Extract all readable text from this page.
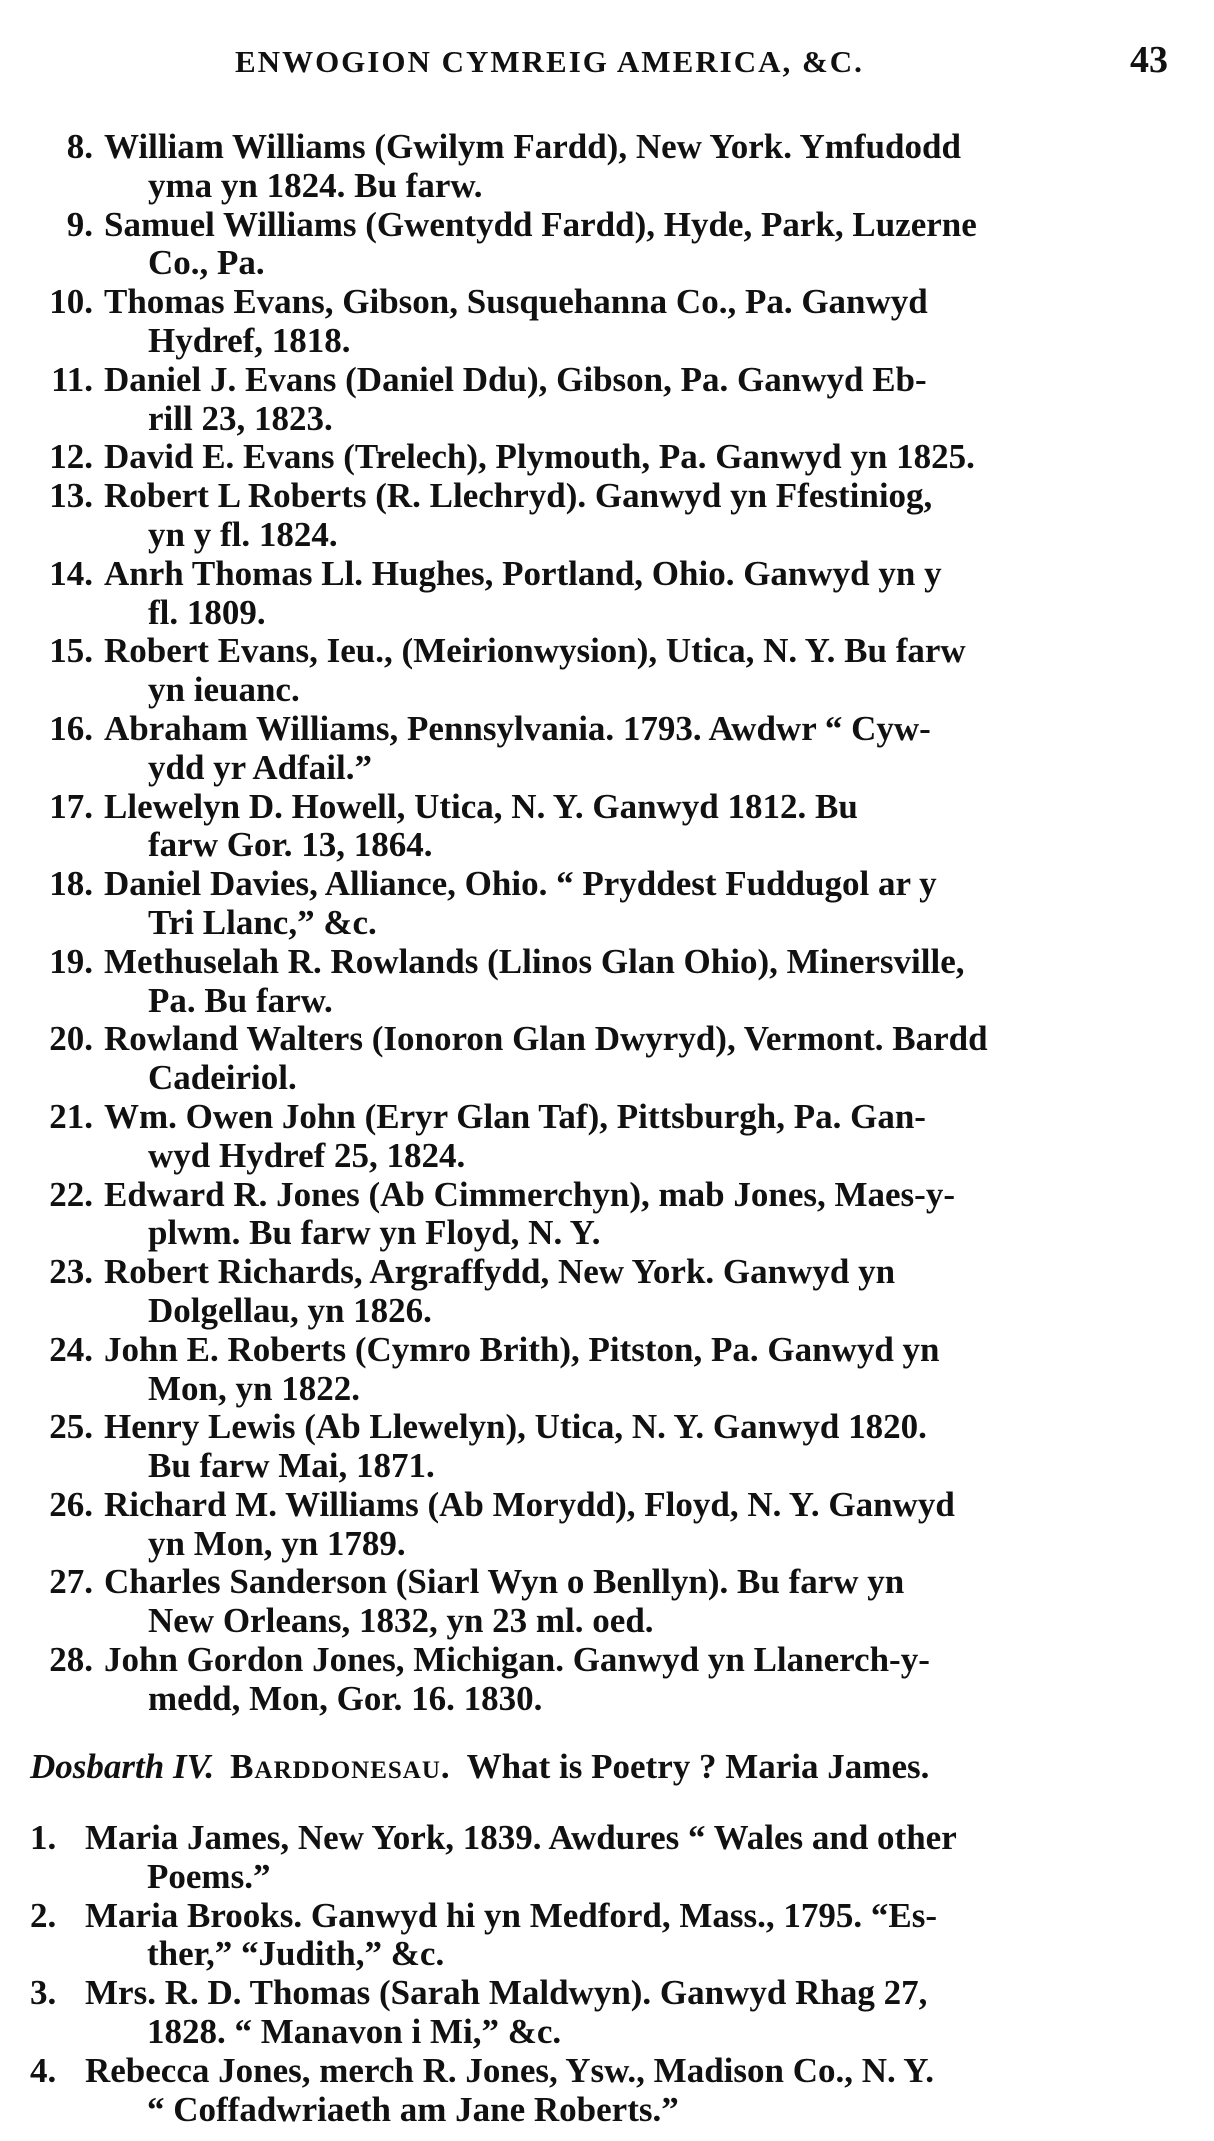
ENWOGION CYMREIG AMERICA, &C.	43
8. William Williams (Gwilym Fardd), New York. Ymfudodd
yma yn 1824. Bu farw.
9. Samuel Williams (Gwentydd Fardd), Hyde, Park, Luzerne
Co., Pa.
10. Thomas Evans, Gibson, Susquehanna Co., Pa. Ganwyd
Hydref, 1818.
11. Daniel J. Evans (Daniel Ddu), Gibson, Pa. Ganwyd Eb-
rill 23, 1823.
12. David E. Evans (Trelech), Plymouth, Pa. Ganwyd yn 1825.
13. Robert L Roberts (R. Llechryd). Ganwyd yn Ffestiniog,
yn y fl. 1824.
14. Anrh Thomas Ll. Hughes, Portland, Ohio. Ganwyd yn y
fl. 1809.
15. Robert Evans, Ieu., (Meirionwysion), Utica, N. Y. Bu farw
yn ieuanc.
16. Abraham Williams, Pennsylvania. 1793. Awdwr “ Cyw-
ydd yr Adfail.”
17. Llewelyn D. Howell, Utica, N. Y. Ganwyd 1812. Bu
farw Gor. 13, 1864.
18. Daniel Davies, Alliance, Ohio. “ Pryddest Fuddugol ar y
Tri Llanc,” &c.
19. Methuselah R. Rowlands (Llinos Glan Ohio), Minersville,
Pa. Bu farw.
20. Rowland Walters (Ionoron Glan Dwyryd), Vermont. Bardd
Cadeiriol.
21. Wm. Owen John (Eryr Glan Taf), Pittsburgh, Pa. Gan-
wyd Hydref 25, 1824.
22. Edward R. Jones (Ab Cimmerchyn), mab Jones, Maes-y-
plwm. Bu farw yn Floyd, N. Y.
23. Robert Richards, Argraffydd, New York. Ganwyd yn
Dolgellau, yn 1826.
24. John E. Roberts (Cymro Brith), Pitston, Pa. Ganwyd yn
Mon, yn 1822.
25. Henry Lewis (Ab Llewelyn), Utica, N. Y. Ganwyd 1820.
Bu farw Mai, 1871.
26. Richard M. Williams (Ab Morydd), Floyd, N. Y. Ganwyd
yn Mon, yn 1789.
27. Charles Sanderson (Siarl Wyn o Benllyn). Bu farw yn
New Orleans, 1832, yn 23 ml. oed.
28. John Gordon Jones, Michigan. Ganwyd yn Llanerch-y-
medd, Mon, Gor. 16. 1830.
Dosbarth IV. Barddonesau. What is Poetry ? Maria James.
1. Maria James, New York, 1839. Awdures “ Wales and other
Poems.”
2. Maria Brooks. Ganwyd hi yn Medford, Mass., 1795. “Es-
ther,” “Judith,” &c.
3. Mrs. R. D. Thomas (Sarah Maldwyn). Ganwyd Rhag 27,
1828. “ Manavon i Mi,” &c.
4. Rebecca Jones, merch R. Jones, Ysw., Madison Co., N. Y.
“ Coffadwriaeth am Jane Roberts.”
